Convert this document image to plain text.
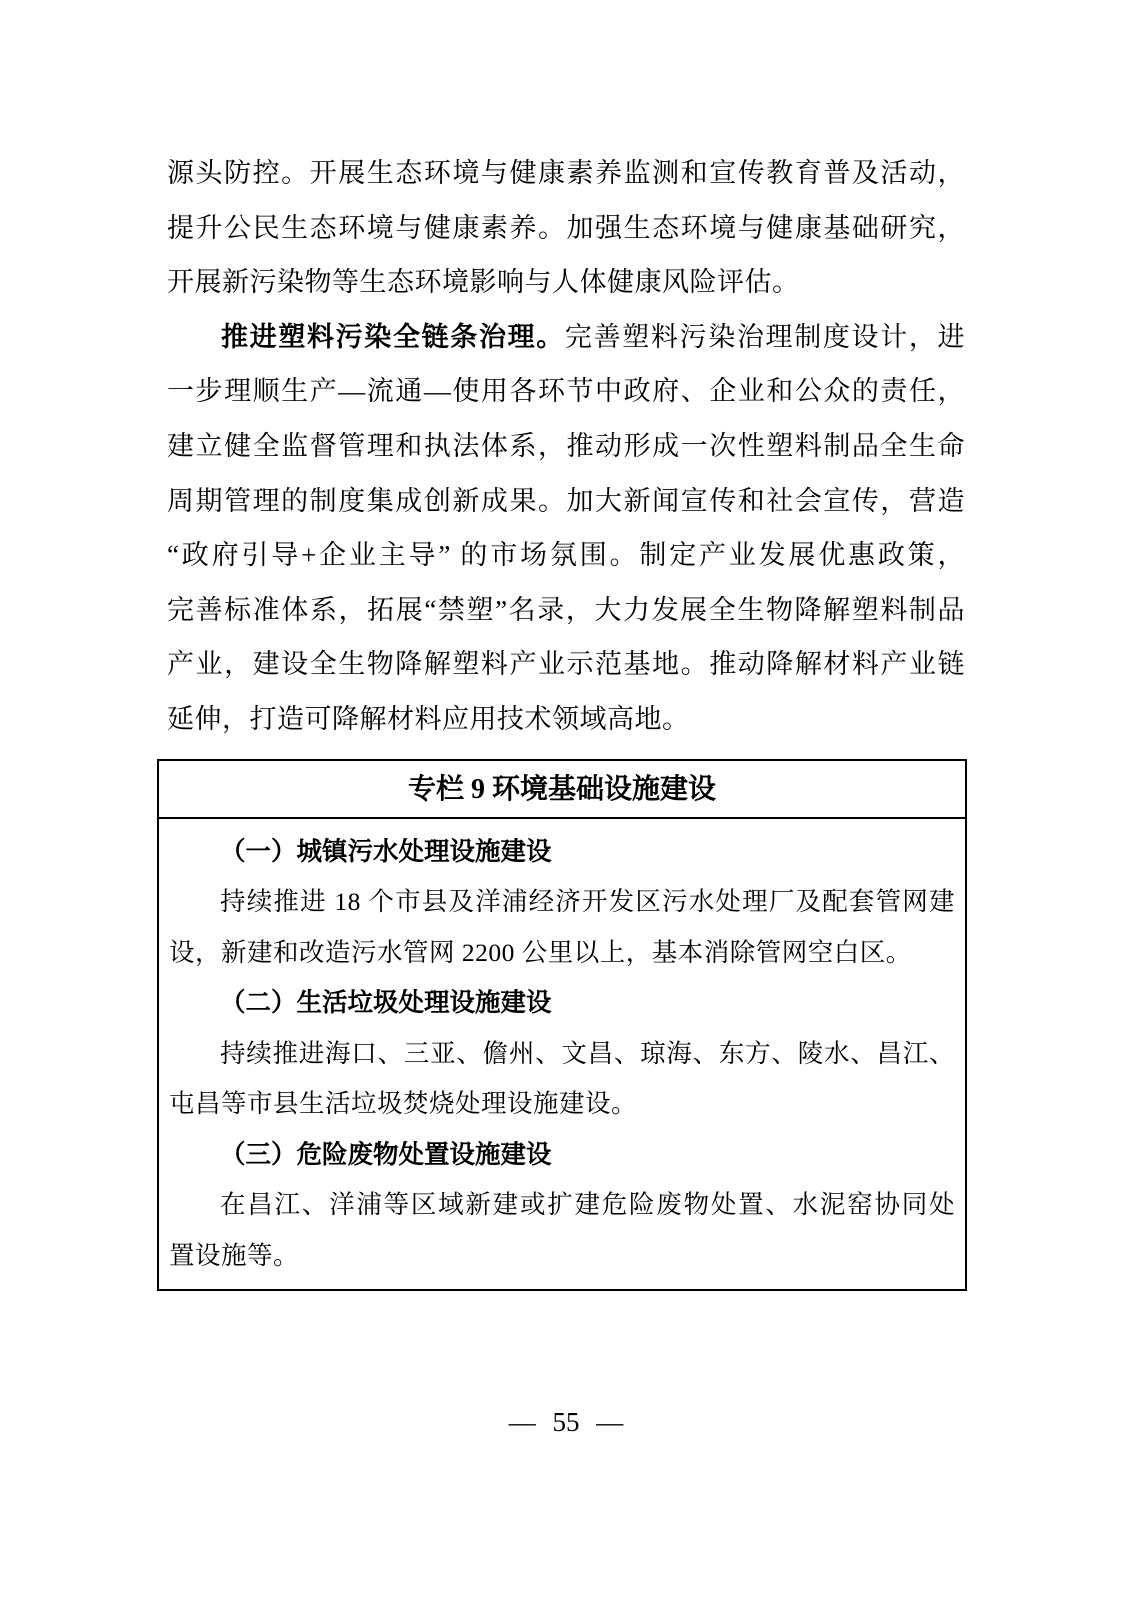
源头防控。开展生态环境与健康素养监测和宣传教育普及活动，

提升公民生态环境与健康素养。加强生态环境与健康基础研究，

开展新污染物等生态环境影响与人体健康风险评估。

推进塑料污染全链条治理。完善塑料污染治理制度设计，进

一步理顺生产—流通—使用各环节中政府、企业和公众的责任，

建立健全监督管理和执法体系，推动形成一次性塑料制品全生命

周期管理的制度集成创新成果。加大新闻宣传和社会宣传，营造

“政府引导+企业主导” 的市场氛围。制定产业发展优惠政策，

完善标准体系，拓展“禁塑”名录，大力发展全生物降解塑料制品

产业，建设全生物降解塑料产业示范基地。推动降解材料产业链

延伸，打造可降解材料应用技术领域高地。

专栏 9 环境基础设施建设

（一）城镇污水处理设施建设

持续推进 18 个市县及洋浦经济开发区污水处理厂及配套管网建

设，新建和改造污水管网 2200 公里以上，基本消除管网空白区。

（二）生活垃圾处理设施建设

持续推进海口、三亚、儋州、文昌、琼海、东方、陵水、昌江、

屯昌等市县生活垃圾焚烧处理设施建设。

（三）危险废物处置设施建设

在昌江、洋浦等区域新建或扩建危险废物处置、水泥窑协同处

置设施等。

— 55 —
